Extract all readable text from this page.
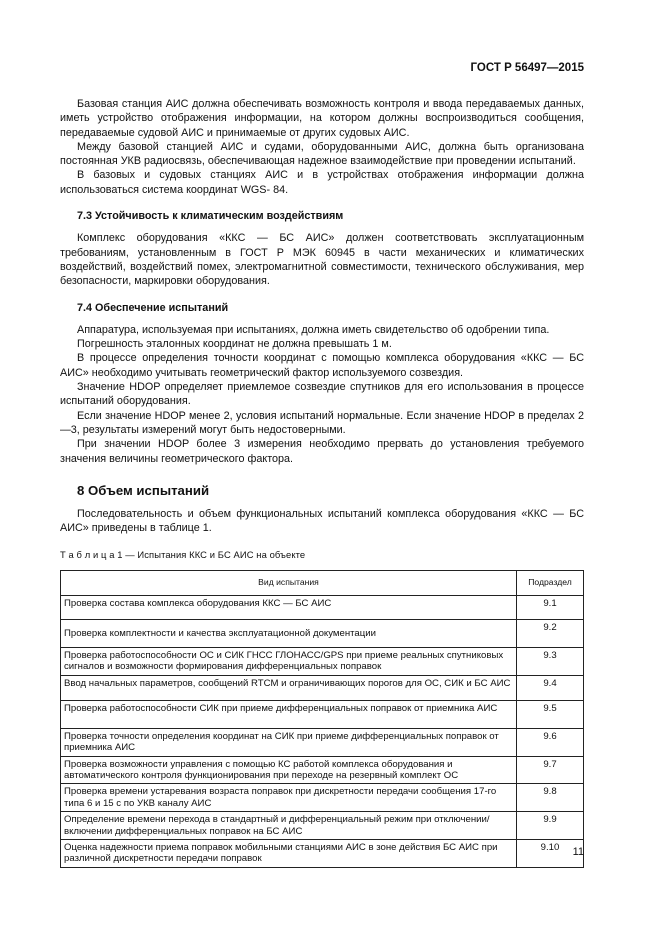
ГОСТ Р 56497—2015

Базовая станция АИС должна обеспечивать возможность контроля и ввода передаваемых данных, иметь устройство отображения информации, на котором должны воспроизводиться сообщения, передаваемые судовой АИС и принимаемые от других судовых АИС.

Между базовой станцией АИС и судами, оборудованными АИС, должна быть организована постоянная УКВ радиосвязь, обеспечивающая надежное взаимодействие при проведении испытаний.

В базовых и судовых станциях АИС и в устройствах отображения информации должна использоваться система координат WGS- 84.

7.3 Устойчивость к климатическим воздействиям

Комплекс оборудования «ККС — БС АИС» должен соответствовать эксплуатационным требованиям, установленным в ГОСТ Р МЭК 60945 в части механических и климатических воздействий, воздействий помех, электромагнитной совместимости, технического обслуживания, мер безопасности, маркировки оборудования.

7.4 Обеспечение испытаний

Аппаратура, используемая при испытаниях, должна иметь свидетельство об одобрении типа.

Погрешность эталонных координат не должна превышать 1 м.

В процессе определения точности координат с помощью комплекса оборудования «ККС — БС АИС» необходимо учитывать геометрический фактор используемого созвездия.

Значение HDOP определяет приемлемое созвездие спутников для его использования в процессе испытаний оборудования.

Если значение HDOP менее 2, условия испытаний нормальные. Если значение HDOP в пределах 2—3, результаты измерений могут быть недостоверными.

При значении HDOP более 3 измерения необходимо прервать до установления требуемого значения величины геометрического фактора.

8 Объем испытаний

Последовательность и объем функциональных испытаний комплекса оборудования «ККС — БС АИС» приведены в таблице 1.

Т а б л и ц а 1 — Испытания ККС и БС АИС на объекте
Вид испытания	Подраздел
Проверка состава комплекса оборудования ККС — БС АИС	9.1
Проверка комплектности и качества эксплуатационной документации	9.2
Проверка работоспособности ОС и СИК ГНСС ГЛОНАСС/GPS при приеме реальных спутниковых сигналов и возможности формирования дифференциальных поправок	9.3
Ввод начальных параметров, сообщений RTCM и ограничивающих порогов для ОС, СИК и БС АИС	9.4
Проверка работоспособности СИК при приеме дифференциальных поправок от приемника АИС	9.5
Проверка точности определения координат на СИК при приеме дифференциальных поправок от приемника АИС	9.6
Проверка возможности управления с помощью КС работой комплекса оборудования и автоматического контроля функционирования при переходе на резервный комплект ОС	9.7
Проверка времени устаревания возраста поправок при дискретности передачи сообщения 17-го типа 6 и 15 с по УКВ каналу АИС	9.8
Определение времени перехода в стандартный и дифференциальный режим при отключении/включении дифференциальных поправок на БС АИС	9.9
Оценка надежности приема поправок мобильными станциями АИС в зоне действия БС АИС при различной дискретности передачи поправок	9.10 11
